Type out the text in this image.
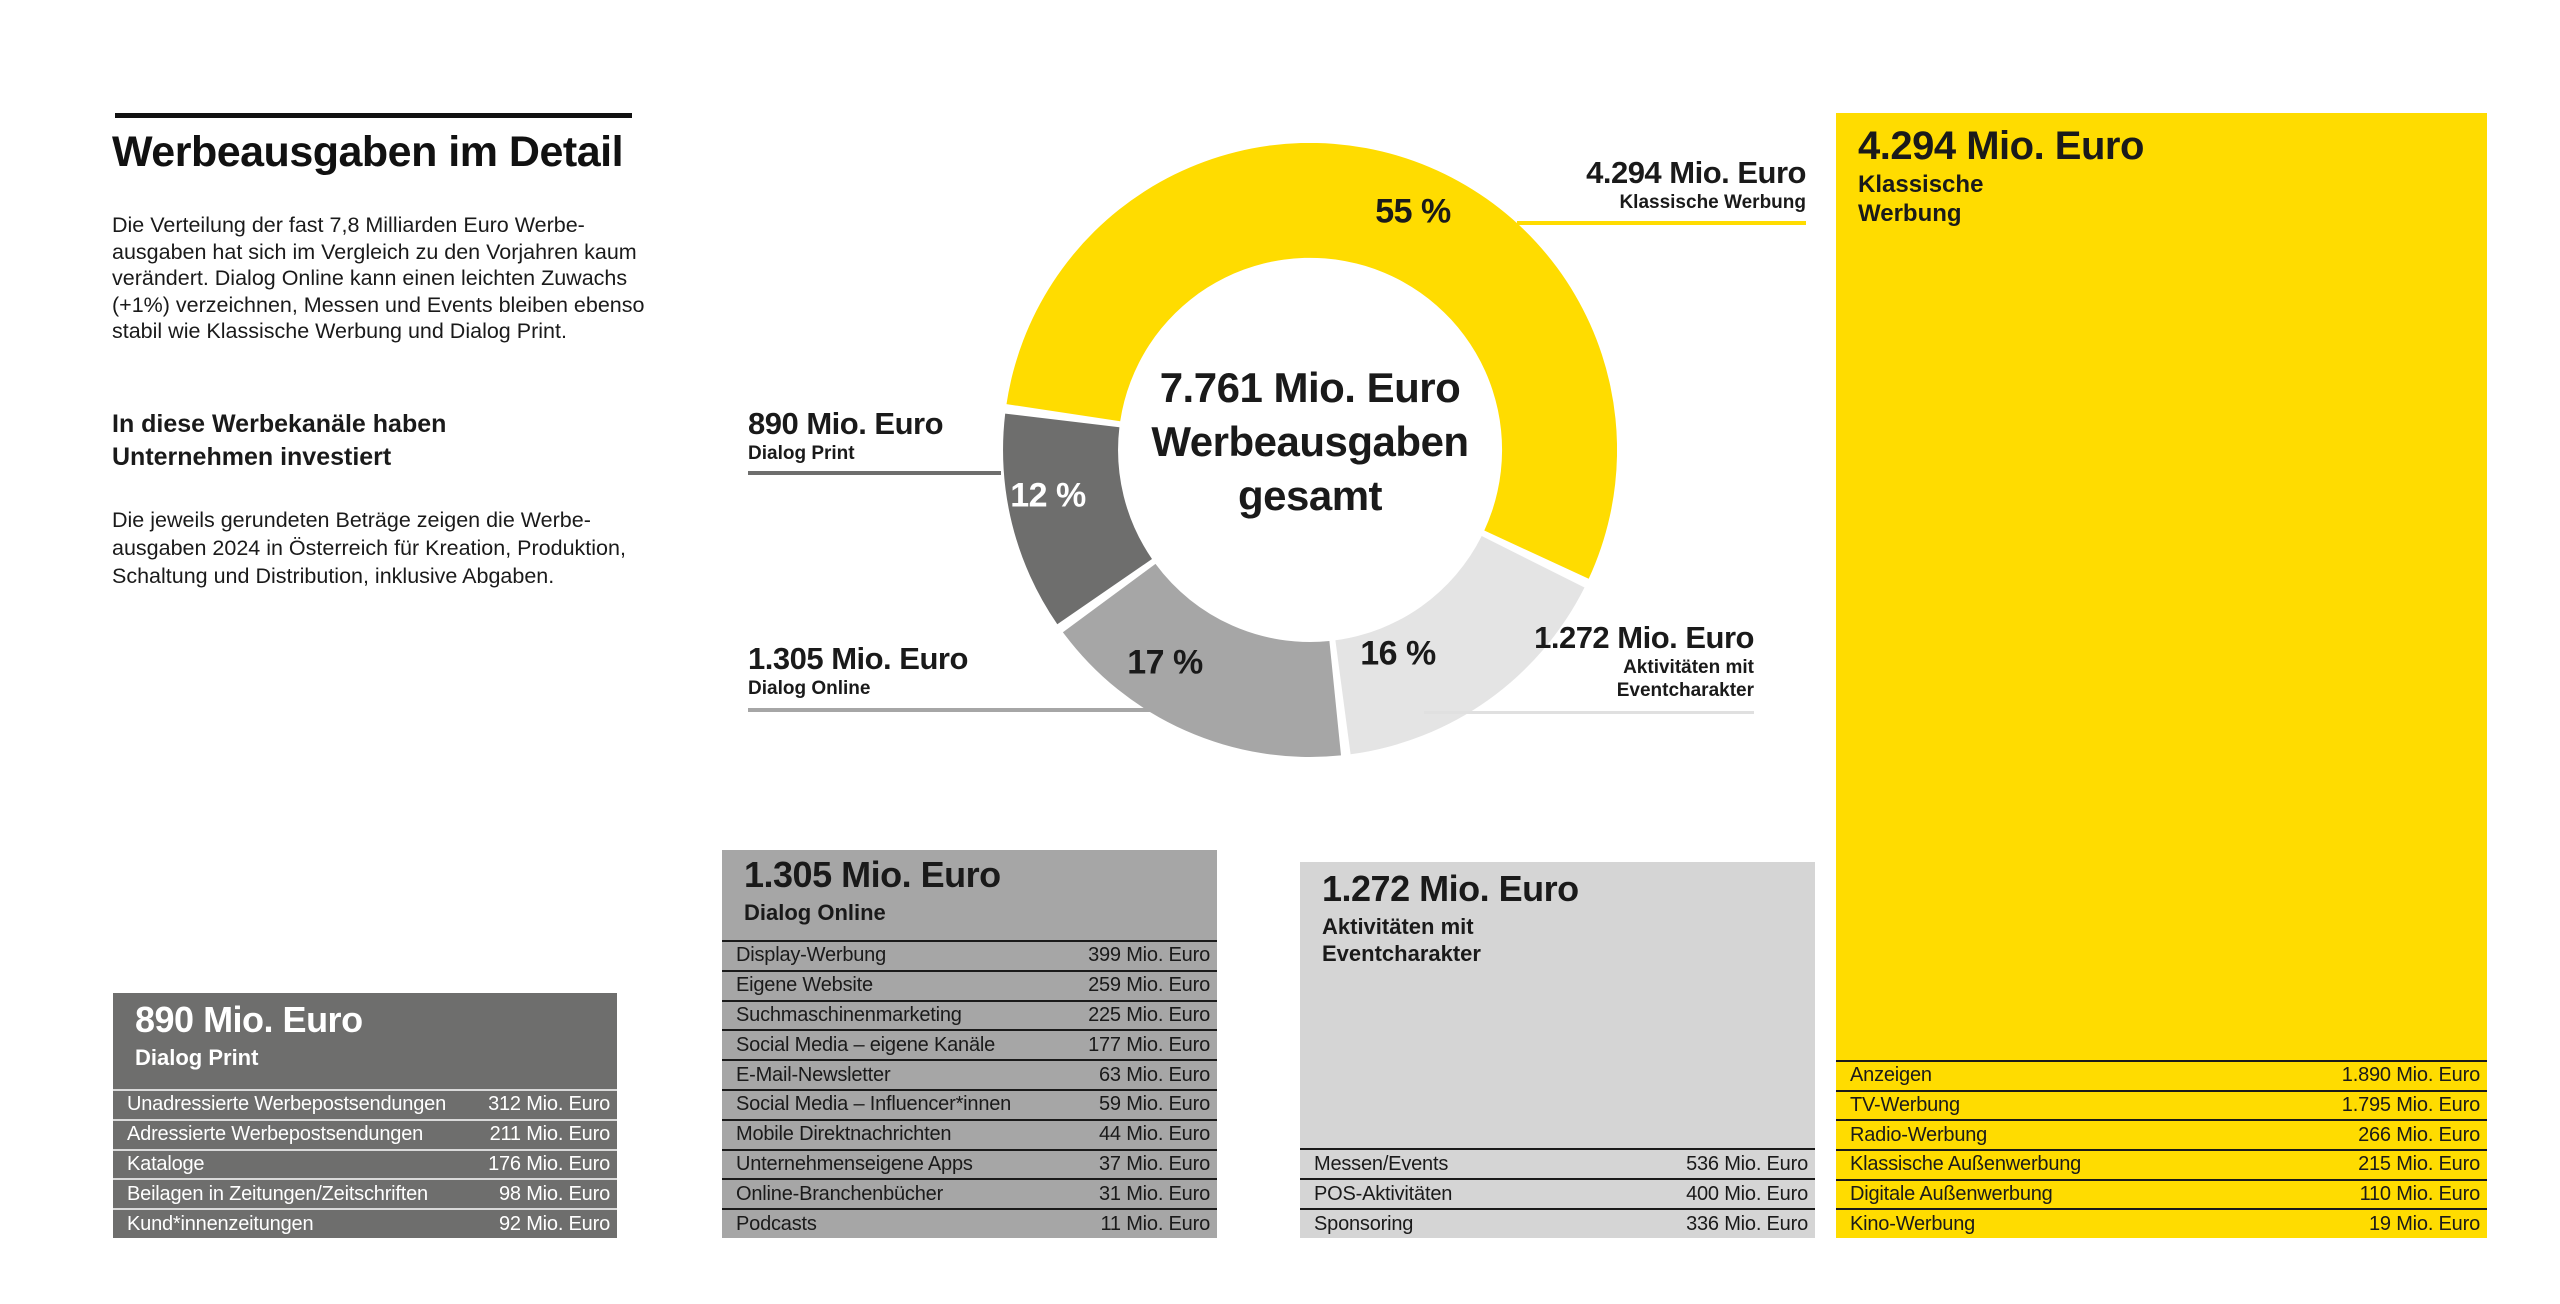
Werbeausgaben im Detail
Die Verteilung der fast 7,8 Milliarden Euro Werbe-
ausgaben hat sich im Vergleich zu den Vorjahren kaum
verändert. Dialog Online kann einen leichten Zuwachs
(+1%) verzeichnen, Messen und Events bleiben ebenso
stabil wie Klassische Werbung und Dialog Print.
In diese Werbekanäle haben
Unternehmen investiert
Die jeweils gerundeten Beträge zeigen die Werbe-
ausgaben 2024 in Österreich für Kreation, Produktion,
Schaltung und Distribution, inklusive Abgaben.
7.761 Mio. Euro
Werbeausgaben
gesamt
55 %
16 %
17 %
12 %
4.294 Mio. Euro
Klassische Werbung
890 Mio. Euro
Dialog Print
1.305 Mio. Euro
Dialog Online
1.272 Mio. Euro
Aktivitäten mit
Eventcharakter
890 Mio. Euro
Dialog Print
Unadressierte Werbepostsendungen 312 Mio. Euro
Adressierte Werbepostsendungen	211 Mio. Euro
Kataloge	176 Mio. Euro
Beilagen in Zeitungen/Zeitschriften	98 Mio. Euro
Kund*innenzeitungen	92 Mio. Euro
1.305 Mio. Euro
Dialog Online
Display-Werbung	399 Mio. Euro
Eigene Website	259 Mio. Euro
Suchmaschinenmarketing	225 Mio. Euro
Social Media – eigene Kanäle	177 Mio. Euro
E-Mail-Newsletter	63 Mio. Euro
Social Media – Influencer*innen	59 Mio. Euro
Mobile Direktnachrichten	44 Mio. Euro
Unternehmenseigene Apps	37 Mio. Euro
Online-Branchenbücher	31 Mio. Euro
Podcasts	11 Mio. Euro
1.272 Mio. Euro
Aktivitäten mit
Eventcharakter
Messen/Events	536 Mio. Euro
POS-Aktivitäten	400 Mio. Euro
Sponsoring	336 Mio. Euro
4.294 Mio. Euro
Klassische
Werbung
Anzeigen	1.890 Mio. Euro
TV-Werbung	1.795 Mio. Euro
Radio-Werbung	266 Mio. Euro
Klassische Außenwerbung	215 Mio. Euro
Digitale Außenwerbung	110 Mio. Euro
Kino-Werbung	19 Mio. Euro
